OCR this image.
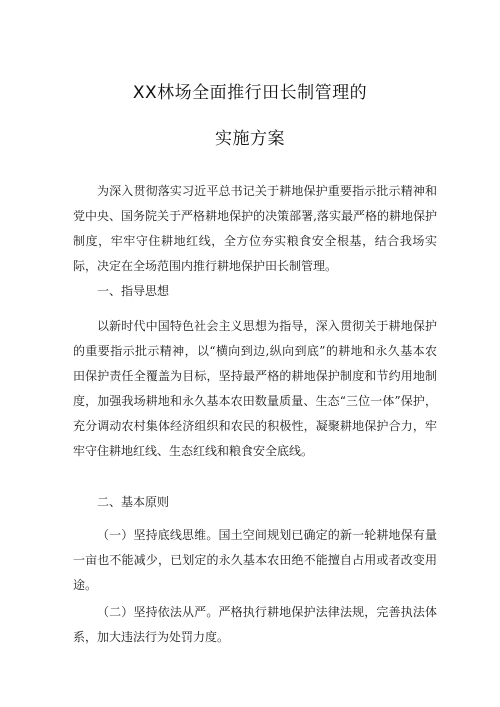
XX林场全面推行田长制管理的
实施方案

为深入贯彻落实习近平总书记关于耕地保护重要指示批示精神和党中央、国务院关于严格耕地保护的决策部署,落实最严格的耕地保护制度，牢牢守住耕地红线，全方位夯实粮食安全根基，结合我场实际，决定在全场范围内推行耕地保护田长制管理。

一、指导思想

以新时代中国特色社会主义思想为指导，深入贯彻关于耕地保护的重要指示批示精神，以“横向到边,纵向到底”的耕地和永久基本农田保护责任全覆盖为目标，坚持最严格的耕地保护制度和节约用地制度，加强我场耕地和永久基本农田数量质量、生态“三位一体”保护，充分调动农村集体经济组织和农民的积极性，凝聚耕地保护合力，牢牢守住耕地红线、生态红线和粮食安全底线。

二、基本原则

（一）坚持底线思维。国土空间规划已确定的新一轮耕地保有量一亩也不能减少，已划定的永久基本农田绝不能擅自占用或者改变用途。

（二）坚持依法从严。严格执行耕地保护法律法规，完善执法体系，加大违法行为处罚力度。
